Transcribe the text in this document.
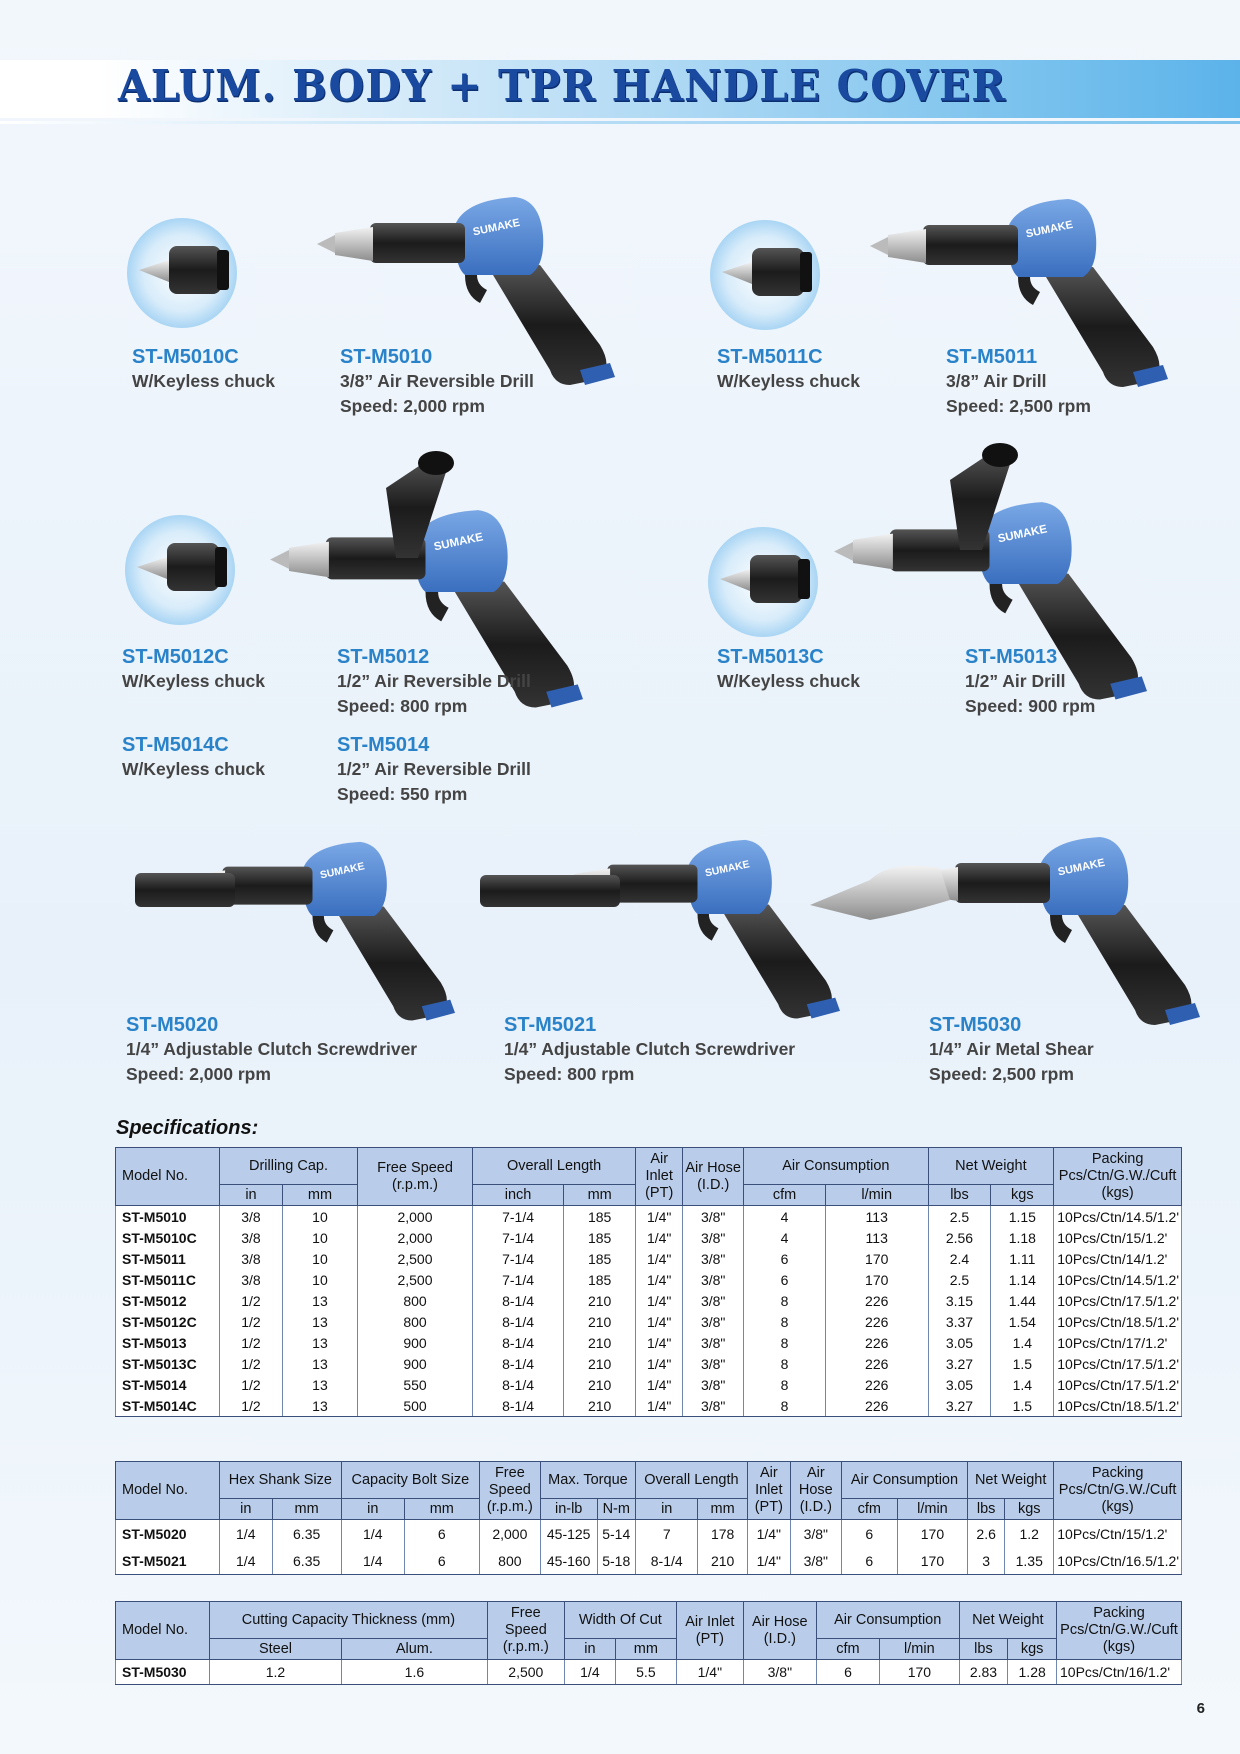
ALUM. BODY + TPR HANDLE COVER
ST-M5010C
W/Keyless chuck
ST-M5010
3/8” Air Reversible Drill
Speed: 2,000 rpm
ST-M5011C
W/Keyless chuck
ST-M5011
3/8” Air Drill
Speed: 2,500 rpm
ST-M5012C
W/Keyless chuck
ST-M5012
1/2” Air Reversible Drill
Speed: 800 rpm
ST-M5013C
W/Keyless chuck
ST-M5013
1/2” Air Drill
Speed: 900 rpm
ST-M5014C
W/Keyless chuck
ST-M5014
1/2” Air Reversible Drill
Speed: 550 rpm
ST-M5020
1/4” Adjustable Clutch Screwdriver
Speed: 2,000 rpm
ST-M5021
1/4” Adjustable Clutch Screwdriver
Speed: 800 rpm
ST-M5030
1/4” Air Metal Shear
Speed: 2,500 rpm
Specifications:
Model No.	Drilling Cap.		Free Speed (r.p.m.)	Overall Length		Air Inlet (PT)	Air Hose (I.D.)	Air Consumption		Net Weight		Packing Pcs/Ctn/G.W./Cuft (kgs)
	in	mm		inch	mm			cfm	l/min	lbs	kgs	
ST-M5010	3/8	10	2,000	7-1/4	185	1/4"	3/8"	4	113	2.5	1.15	10Pcs/Ctn/14.5/1.2'
ST-M5010C	3/8	10	2,000	7-1/4	185	1/4"	3/8"	4	113	2.56	1.18	10Pcs/Ctn/15/1.2'
ST-M5011	3/8	10	2,500	7-1/4	185	1/4"	3/8"	6	170	2.4	1.11	10Pcs/Ctn/14/1.2'
ST-M5011C	3/8	10	2,500	7-1/4	185	1/4"	3/8"	6	170	2.5	1.14	10Pcs/Ctn/14.5/1.2'
ST-M5012	1/2	13	800	8-1/4	210	1/4"	3/8"	8	226	3.15	1.44	10Pcs/Ctn/17.5/1.2'
ST-M5012C	1/2	13	800	8-1/4	210	1/4"	3/8"	8	226	3.37	1.54	10Pcs/Ctn/18.5/1.2'
ST-M5013	1/2	13	900	8-1/4	210	1/4"	3/8"	8	226	3.05	1.4	10Pcs/Ctn/17/1.2'
ST-M5013C	1/2	13	900	8-1/4	210	1/4"	3/8"	8	226	3.27	1.5	10Pcs/Ctn/17.5/1.2'
ST-M5014	1/2	13	550	8-1/4	210	1/4"	3/8"	8	226	3.05	1.4	10Pcs/Ctn/17.5/1.2'
ST-M5014C	1/2	13	500	8-1/4	210	1/4"	3/8"	8	226	3.27	1.5	10Pcs/Ctn/18.5/1.2'
Model No.	Hex Shank Size		Capacity Bolt Size		Free Speed (r.p.m.)	Max. Torque		Overall Length		Air Inlet (PT)	Air Hose (I.D.)	Air Consumption		Net Weight		Packing Pcs/Ctn/G.W./Cuft (kgs)
	in	mm	in	mm		in-lb	N-m	in	mm			cfm	l/min	lbs	kgs	
ST-M5020	1/4	6.35	1/4	6	2,000	45-125	5-14	7	178	1/4"	3/8"	6	170	2.6	1.2	10Pcs/Ctn/15/1.2'
ST-M5021	1/4	6.35	1/4	6	800	45-160	5-18	8-1/4	210	1/4"	3/8"	6	170	3	1.35	10Pcs/Ctn/16.5/1.2'
Model No.	Cutting Capacity Thickness (mm)		Free Speed (r.p.m.)	Width Of Cut		Air Inlet (PT)	Air Hose (I.D.)	Air Consumption		Net Weight		Packing Pcs/Ctn/G.W./Cuft (kgs)
	Steel	Alum.		in	mm			cfm	l/min	lbs	kgs	
ST-M5030	1.2	1.6	2,500	1/4	5.5	1/4"	3/8"	6	170	2.83	1.28	10Pcs/Ctn/16/1.2'
6
